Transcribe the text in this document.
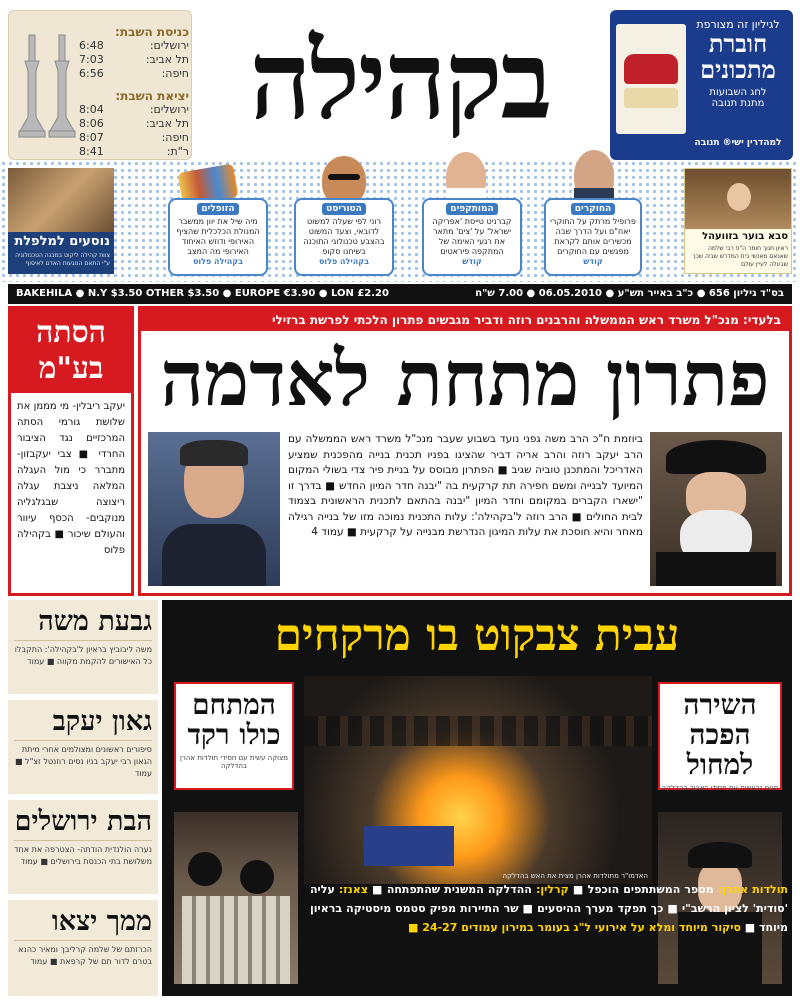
כניסת השבת:
ירושלים:
6:48
תל אביב:
7:03
חיפה:
6:56
יציאת השבת:
ירושלים:
8:04
תל אביב:
8:06
חיפה:
8:07
ר"ת:
8:41
בקהילה	לגיליון זה מצורפת
חוברת
מתכונים
לחג השבועות
מתנת תנובה
למהדרין ישי® תנובה
נוסעים למלפלת
צוות קהילה ליקוט במבנה הטכנולוגיה ע"י התאם הנוגעות האדם לאיסוף
סבא בוער בזוועהל
ראיון חנוך חומר ה"פ רבי שלמה שאנאם מאנשי בית המדרש שביה שכך שבעלה לעיין עולם
החוקרים
פרופיל מרתק על החוקרי יאח"ם ועל הדרך שבה מכשירים אותם לקראת מפגשים עם החוקרים
קודש
המותקפים
קברניט טייסת 'אפריקה ישראל' על 'צים' מתאר את רגעי האימה של המתקפה פיראטים
קודש
הטוריסט
רוני לפי שעלה למשוט לדובאי, וצעד המשוט בהצבע טכנולוגי התוכנה בשיחנו סקופ
בקהילה פלוס
הזופלים
מיה שיל את יוון ממשבר המנולת הכלכלית שהציף האירופי ודוזש האיחוד האירופי מה המצב
בקהילה פלוס
BAKEHILA ● N.Y $3.50 OTHER $3.50 ● EUROPE €3.90 ● LON £2.20	בס"ד גיליון 656 ● כ"ב באייר תש"ע ● 06.05.2010 ● 7.00 ש"ח
הסתה בע"מ
יעקב ריבלין- מי מממן את שלושת גורמי הסתה המרכזיים נגד הציבור החרדי ■ צבי יעקבזון- מתברר כי מול העגלה המלאה ניצבת עגלה ריצוצה שבגלגליה מנוקבים- הכסף עיוור והעולם שיכור ■ בקהילה פלוס
בלעדי: מנכ"ל משרד ראש הממשלה והרבנים רוזה ודביר מגבשים פתרון הלכתי לפרשת ברזילי
פתרון מתחת לאדמה
ביוזמת ח"כ הרב משה גפני נועד בשבוע שעבר מנכ"ל משרד ראש הממשלה עם הרב יעקב רוזה והרב אריה דביר שהציגו בפניו תכנית בנייה מהפכנית שמציע האדריכל והמתכנן טוביה שגיב ■ הפתרון מבוסס על בניית פיר צדי בשולי המקום המיועד לבנייה ומשם חפירה תת קרקעית בה "יבנה חדר המיון החדש ■ בדרך זו "ישארו הקברים במקומם וחדר המיון "יבנה בהתאם לתכנית הראשונית בצמוד לבית החולים ■ הרב רוזה ל'בקהילה': עלות התכנית נמוכה מזו של בנייה רגילה מאחר והיא חוסכת את עלות המיגון הנדרשת מבנייה על קרקעית ■ עמוד 4
גבעת משה
משה ליבוביץ בראיון ל'בקהילה': התקבלו כל האישורים להקמת מקווה ■ עמוד
גאון יעקב
סיפורים ראשונים ומצולמים אחרי מיתת הגאון רבי יעקב בניו נסים רוזנטל זצ"ל ■ עמוד
הבת ירושלים
נערה הולנדית הודתה- הצטרפה את אחד משלושת בתי הכנסת בירושלים ■ עמוד
ממך יצאו
הכרזתם של שלמה קרליבך ומאיר כהנא בטרם לדור תם של קרפאת ■ עמוד
עבית צבקוט בו מרקחים
המתחם כולו רקד
מצוקה עשית עם חסידי תולדות אהרן בהדלקה
השירה הפכה למחול
חגים נרעשים עם חסידי באבוב בהדלקה
האדמו"ר מתולדות אהרן מצית את האש בהדלקה
תולדות אהרן: מספר המשתתפים הוכפל ■ קרלין: ההדלקה המשנית שהתפתחה ■ צאנז: עליה 'סודית' לציון הרשב"י ■ כך תפקד מערך ההיסעים ■ שר התיירות מפיק סטמס מיסטיקה בראיון מיוחד ■ סיקור מיוחד ומלא על אירועי ל"ג בעומר במירון עמודים 24-27 ■
